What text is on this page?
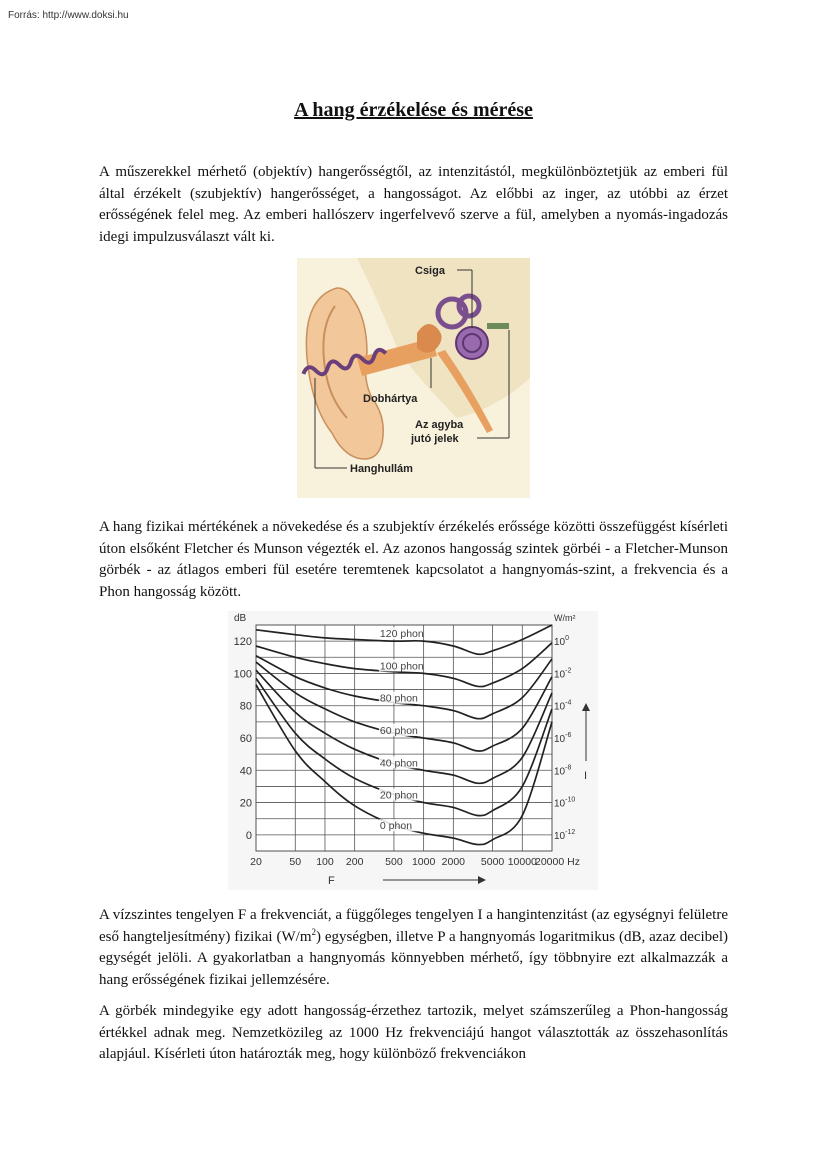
Forrás: http://www.doksi.hu
A hang érzékelése és mérése

A műszerekkel mérhető (objektív) hangerősségtől, az intenzitástól, megkülönböztetjük az emberi fül által érzékelt (szubjektív) hangerősséget, a hangosságot. Az előbbi az inger, az utóbbi az érzet erősségének felel meg. Az emberi hallószerv ingerfelvevő szerve a fül, amelyben a nyomás-ingadozás idegi impulzusválaszt vált ki.

Csiga
Dobhártya
Az agyba
jutó jelek
Hanghullám

A hang fizikai mértékének a növekedése és a szubjektív érzékelés erőssége közötti összefüggést kísérleti úton elsőként Fletcher és Munson végezték el. Az azonos hangosság szintek görbéi - a Fletcher-Munson görbék - az átlagos emberi fül esetére teremtenek kapcsolatot a hangnyomás-szint, a frekvencia és a Phon hangosság között.

0
20
40
60
80
100
120
dB
$10^0$
$10^{-2}$
$10^{-4}$
$10^{-6}$
$10^{-8}$
$10^{-10}$
$10^{-12}$
W/m²
I
20	50 100 200 500 1000 2000 5000 10000
20000 Hz
F
120 phon
100 phon
80 phon
60 phon
40 phon
20 phon
0 phon

A vízszintes tengelyen F a frekvenciát, a függőleges tengelyen I a hangintenzitást (az egységnyi felületre eső hangteljesítmény) fizikai $(W/m^2)$ egységben, illetve P a hangnyomás logaritmikus (dB, azaz decibel) egységét jelöli. A gyakorlatban a hangnyomás könnyebben mérhető, így többnyire ezt alkalmazzák a hang erősségének fizikai jellemzésére.

A görbék mindegyike egy adott hangosság-érzethez tartozik, melyet számszerűleg a Phon-hangosság értékkel adnak meg. Nemzetközileg az 1000 Hz frekvenciájú hangot választották az összehasonlítás alapjául. Kísérleti úton határozták meg, hogy különböző frekvenciákon
